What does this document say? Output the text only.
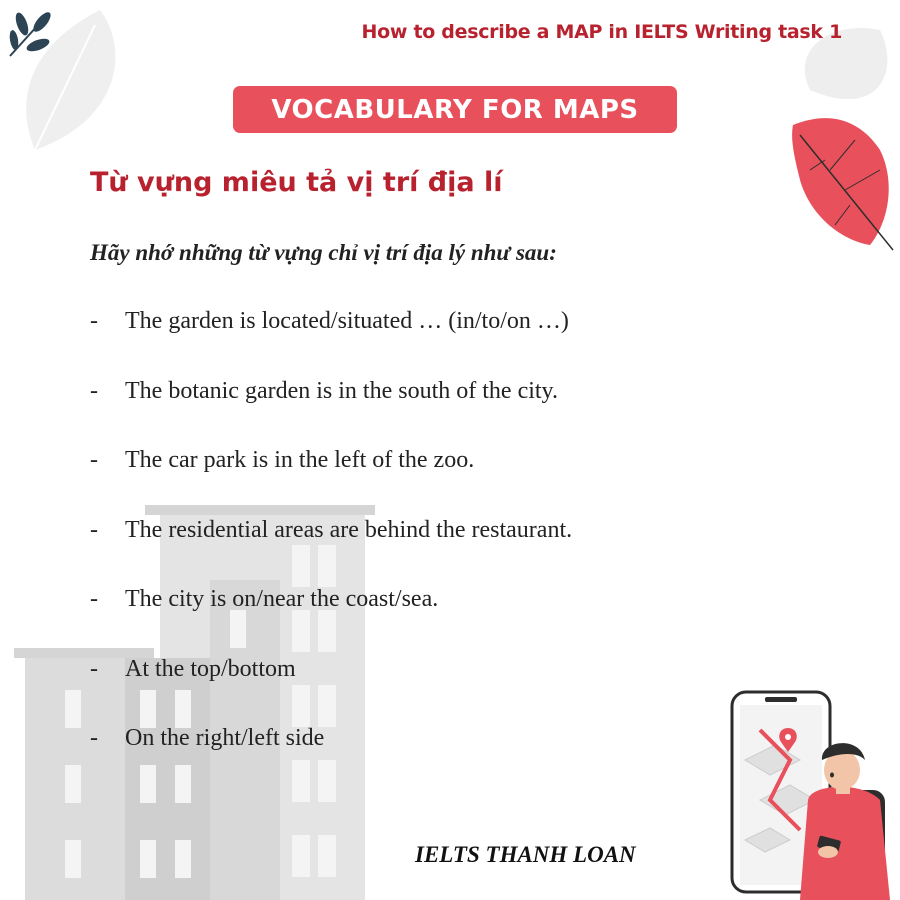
How to describe a MAP in IELTS Writing task 1
VOCABULARY FOR MAPS
Từ vựng miêu tả vị trí địa lí
Hãy nhớ những từ vựng chỉ vị trí địa lý như sau:
-	The garden is located/situated … (in/to/on …)
-	The botanic garden is in the south of the city.
-	The car park is in the left of the zoo.
-	The residential areas are behind the restaurant.
-	The city is on/near the coast/sea.
-	At the top/bottom
-	On the right/left side
IELTS THANH LOAN
